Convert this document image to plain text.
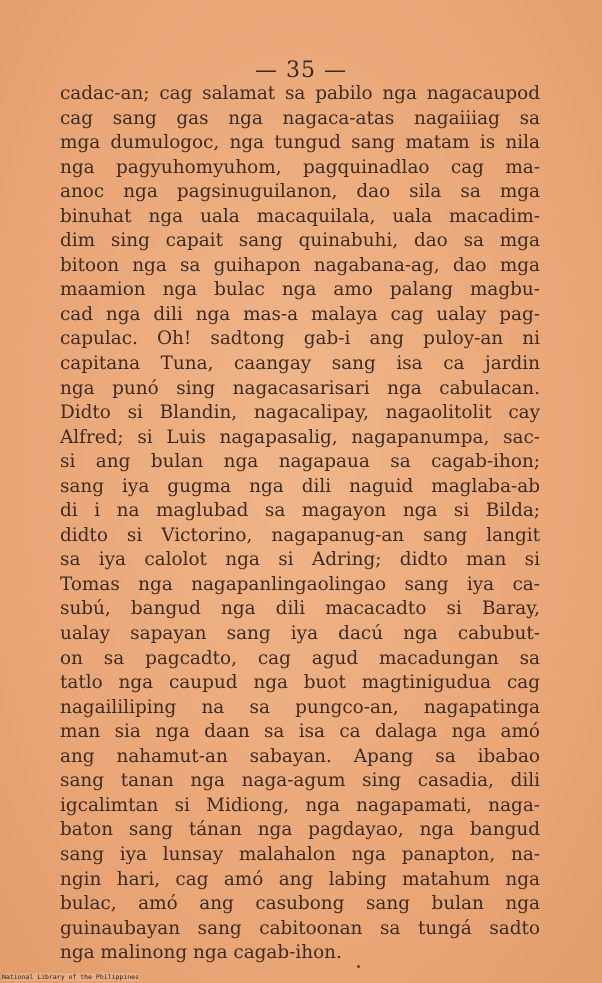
— 35 —
cadac-an; cag salamat sa pabilo nga nagacaupod
cag sang gas nga nagaca-atas nagaiiiag sa
mga dumulogoc, nga tungud sang matam is nila
nga pagyuhomyuhom, pagquinadlao cag ma-
anoc nga pagsinuguilanon, dao sila sa mga
binuhat nga uala macaquilala, uala macadim-
dim sing capait sang quinabuhi, dao sa mga
bitoon nga sa guihapon nagabana-ag, dao mga
maamion nga bulac nga amo palang magbu-
cad nga dili nga mas-a malaya cag ualay pag-
capulac. Oh! sadtong gab-i ang puloy-an ni
capitana Tuna, caangay sang isa ca jardin
nga punó sing nagacasarisari nga cabulacan.
Didto si Blandin, nagacalipay, nagaolitolit cay
Alfred; si Luis nagapasalig, nagapanumpa, sac-
si ang bulan nga nagapaua sa cagab-ihon;
sang iya gugma nga dili naguid maglaba-ab
di i na maglubad sa magayon nga si Bilda;
didto si Victorino, nagapanug-an sang langit
sa iya calolot nga si Adring; didto man si
Tomas nga nagapanlingaolingao sang iya ca-
subú, bangud nga dili macacadto si Baray,
ualay sapayan sang iya dacú nga cabubut-
on sa pagcadto, cag agud macadungan sa
tatlo nga caupud nga buot magtinigudua cag
nagaililiping na sa pungco-an, nagapatinga
man sia nga daan sa isa ca dalaga nga amó
ang nahamut-an sabayan. Apang sa ibabao
sang tanan nga naga-agum sing casadia, dili
igcalimtan si Midiong, nga nagapamati, naga-
baton sang tánan nga pagdayao, nga bangud
sang iya lunsay malahalon nga panapton, na-
ngin hari, cag amó ang labing matahum nga
bulac, amó ang casubong sang bulan nga
guinaubayan sang cabitoonan sa tungá sadto
nga malinong nga cagab-ihon.
National Library of the Philippines
